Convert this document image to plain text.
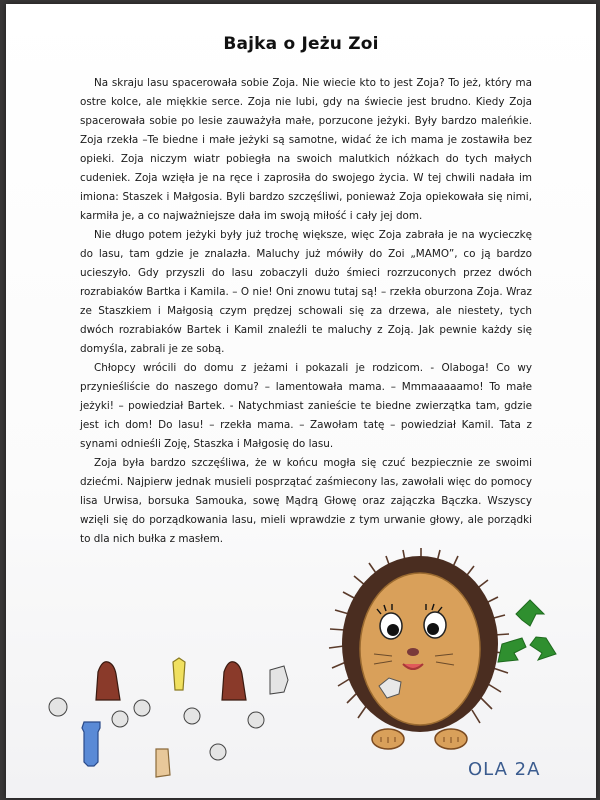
Bajka o Jeżu Zoi

Na skraju lasu spacerowała sobie Zoja. Nie wiecie kto to jest Zoja? To jeż, który ma ostre kolce, ale miękkie serce. Zoja nie lubi, gdy na świecie jest brudno. Kiedy Zoja spacerowała sobie po lesie zauważyła małe, porzucone jeżyki. Były bardzo maleńkie. Zoja rzekła –Te biedne i małe jeżyki są samotne, widać że ich mama je zostawiła bez opieki. Zoja niczym wiatr pobiegła na swoich malutkich nóżkach do tych małych cudeniek. Zoja wzięła je na ręce i zaprosiła do swojego życia. W tej chwili nadała im imiona: Staszek i Małgosia. Byli bardzo szczęśliwi, ponieważ Zoja opiekowała się nimi, karmiła je, a co najważniejsze dała im swoją miłość i cały jej dom.

Nie długo potem jeżyki były już trochę większe, więc Zoja zabrała je na wycieczkę do lasu, tam gdzie je znalazła. Maluchy już mówiły do Zoi „MAMO”, co ją bardzo ucieszyło. Gdy przyszli do lasu zobaczyli dużo śmieci rozrzuconych przez dwóch rozrabiaków Bartka i Kamila. – O nie! Oni znowu tutaj są! – rzekła oburzona Zoja. Wraz ze Staszkiem i Małgosią czym prędzej schowali się za drzewa, ale niestety, tych dwóch rozrabiaków Bartek i Kamil znaleźli te maluchy z Zoją. Jak pewnie każdy się domyśla, zabrali je ze sobą.

Chłopcy wrócili do domu z jeżami i pokazali je rodzicom. - Olaboga! Co wy przynieśliście do naszego domu? – lamentowała mama. – Mmmaaaaamo! To małe jeżyki! – powiedział Bartek. - Natychmiast zanieście te biedne zwierzątka tam, gdzie jest ich dom! Do lasu! – rzekła mama. – Zawołam tatę – powiedział Kamil. Tata z synami odnieśli Zoję, Staszka i Małgosię do lasu.

Zoja była bardzo szczęśliwa, że w końcu mogła się czuć bezpiecznie ze swoimi dziećmi. Najpierw jednak musieli posprzątać zaśmiecony las, zawołali więc do pomocy lisa Urwisa, borsuka Samouka, sowę Mądrą Głowę oraz zajączka Bączka. Wszyscy wzięli się do porządkowania lasu, mieli wprawdzie z tym urwanie głowy, ale porządki to dla nich bułka z masłem.

OLA 2A
